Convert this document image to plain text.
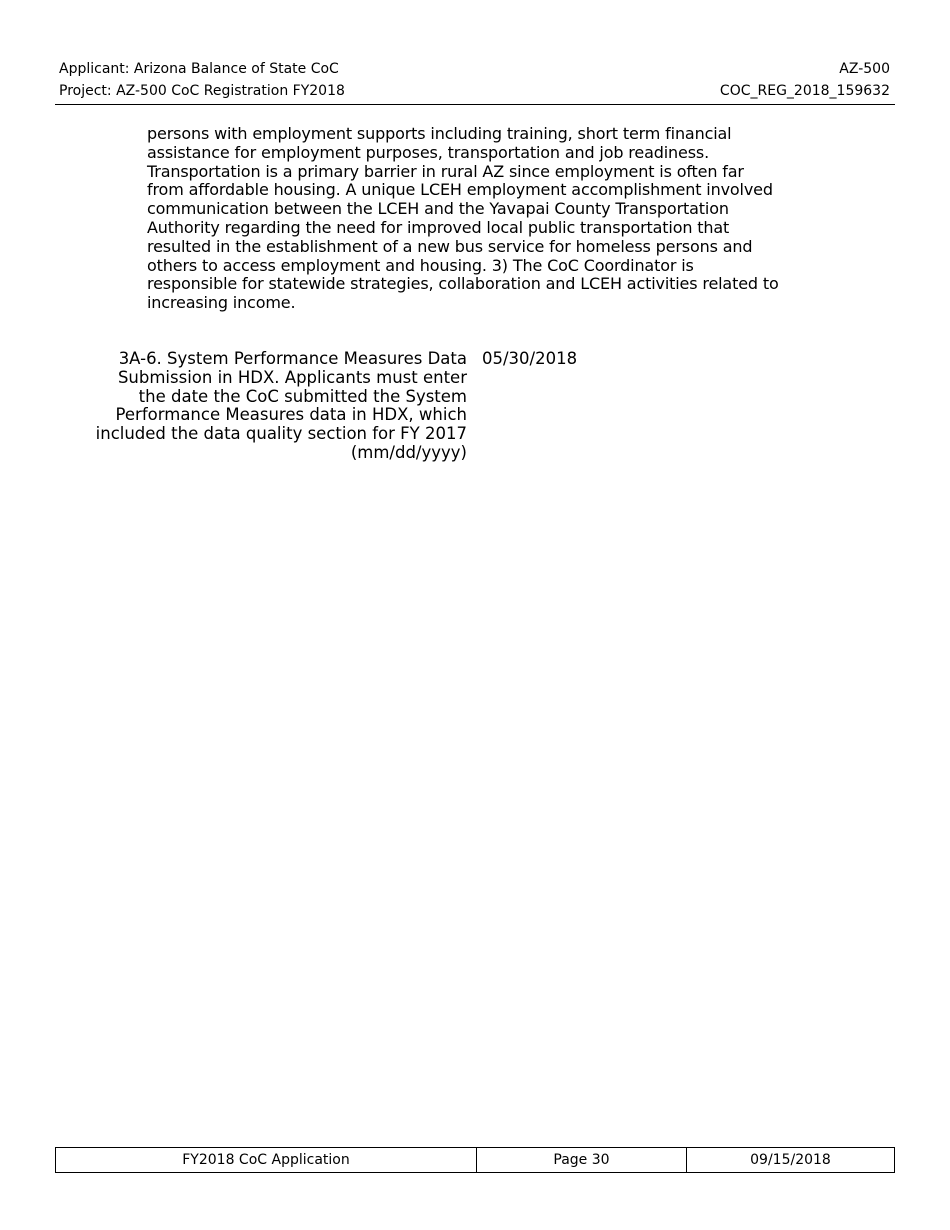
Applicant: Arizona Balance of State CoC
Project: AZ-500 CoC Registration FY2018
AZ-500
COC_REG_2018_159632
persons with employment supports including training, short term financial
assistance for employment purposes, transportation and job readiness.
Transportation is a primary barrier in rural AZ since employment is often far
from affordable housing. A unique LCEH employment accomplishment involved
communication between the LCEH and the Yavapai County Transportation
Authority regarding the need for improved local public transportation that
resulted in the establishment of a new bus service for homeless persons and
others to access employment and housing. 3) The CoC Coordinator is
responsible for statewide strategies, collaboration and LCEH activities related to
increasing income.
3A-6. System Performance Measures Data
Submission in HDX. Applicants must enter
the date the CoC submitted the System
Performance Measures data in HDX, which
included the data quality section for FY 2017
(mm/dd/yyyy)
05/30/2018
FY2018 CoC Application	Page 30	09/15/2018
